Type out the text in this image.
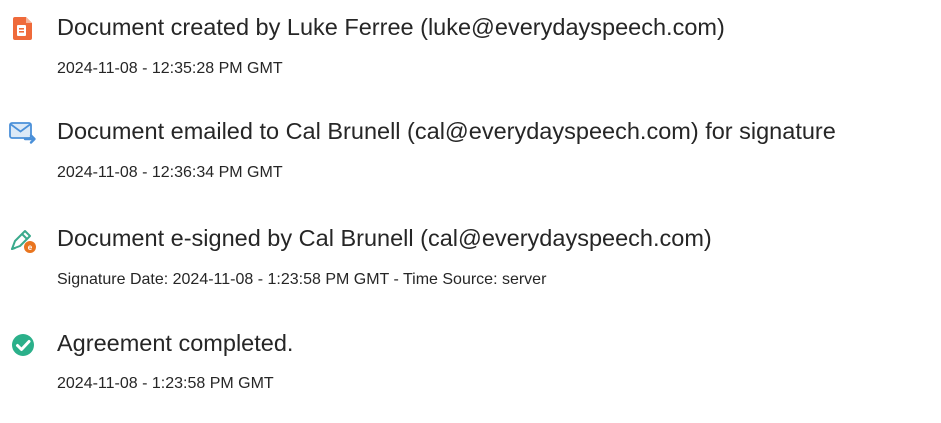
Document created by Luke Ferree (luke@everydayspeech.com)
2024-11-08 - 12:35:28 PM GMT
Document emailed to Cal Brunell (cal@everydayspeech.com) for signature
2024-11-08 - 12:36:34 PM GMT
e Document e-signed by Cal Brunell (cal@everydayspeech.com)
Signature Date: 2024-11-08 - 1:23:58 PM GMT - Time Source: server
Agreement completed.
2024-11-08 - 1:23:58 PM GMT
